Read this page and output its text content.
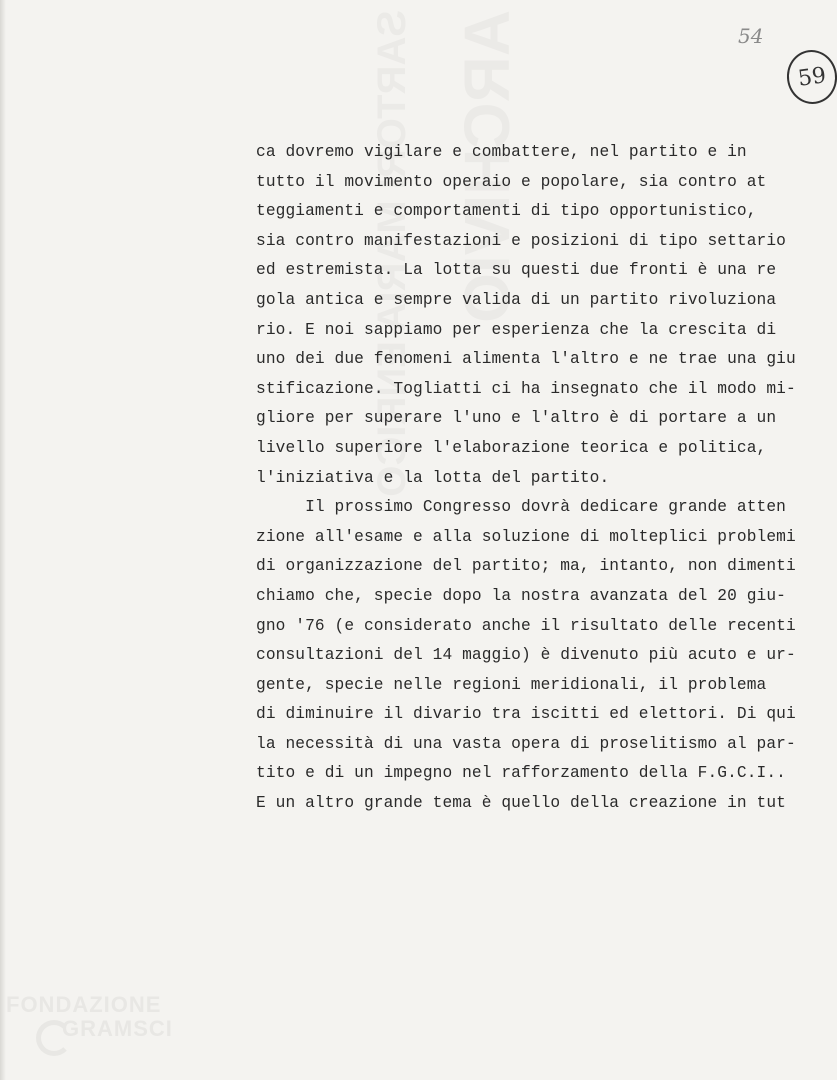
ARCHIVIO
SARTORI MARIA ENRICO	54
59
ca dovremo vigilare e combattere, nel partito e in
tutto il movimento operaio e popolare, sia contro at
teggiamenti e comportamenti di tipo opportunistico,
sia contro manifestazioni e posizioni di tipo settario
ed estremista. La lotta su questi due fronti è una re
gola antica e sempre valida di un partito rivoluziona
rio. E noi sappiamo per esperienza che la crescita di
uno dei due fenomeni alimenta l'altro e ne trae una giu
stificazione. Togliatti ci ha insegnato che il modo mi-
gliore per superare l'uno e l'altro è di portare a un
livello superiore l'elaborazione teorica e politica,
l'iniziativa e la lotta del partito.
Il prossimo Congresso dovrà dedicare grande atten
zione all'esame e alla soluzione di molteplici problemi
di organizzazione del partito; ma, intanto, non dimenti
chiamo che, specie dopo la nostra avanzata del 20 giu-
gno '76 (e considerato anche il risultato delle recenti
consultazioni del 14 maggio) è divenuto più acuto e ur-
gente, specie nelle regioni meridionali, il problema
di diminuire il divario tra iscitti ed elettori. Di qui
la necessità di una vasta opera di proselitismo al par-
tito e di un impegno nel rafforzamento della F.G.C.I..
E un altro grande tema è quello della creazione in tut
FONDAZIONE
GRAMSCI
